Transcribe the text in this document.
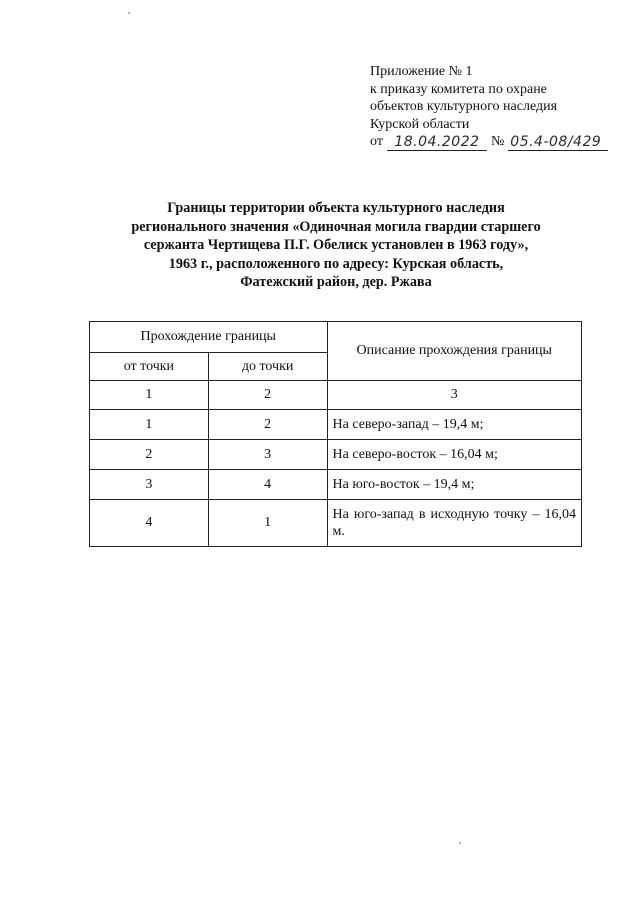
Приложение № 1
к приказу комитета по охране
объектов культурного наследия
Курской области
от 18.04.2022 № 05.4-08/429
Границы территории объекта культурного наследия
регионального значения «Одиночная могила гвардии старшего
сержанта Чертищева П.Г. Обелиск установлен в 1963 году»,
1963 г., расположенного по адресу: Курская область,
Фатежский район, дер. Ржава
Прохождение границы		Описание прохождения границы
от точки	до точки	
1	2	3
1	2	На северо-запад – 19,4 м;
2	3	На северо-восток – 16,04 м;
3	4	На юго-восток – 19,4 м;
4	1	На юго-запад в исходную точку – 16,04 м.
